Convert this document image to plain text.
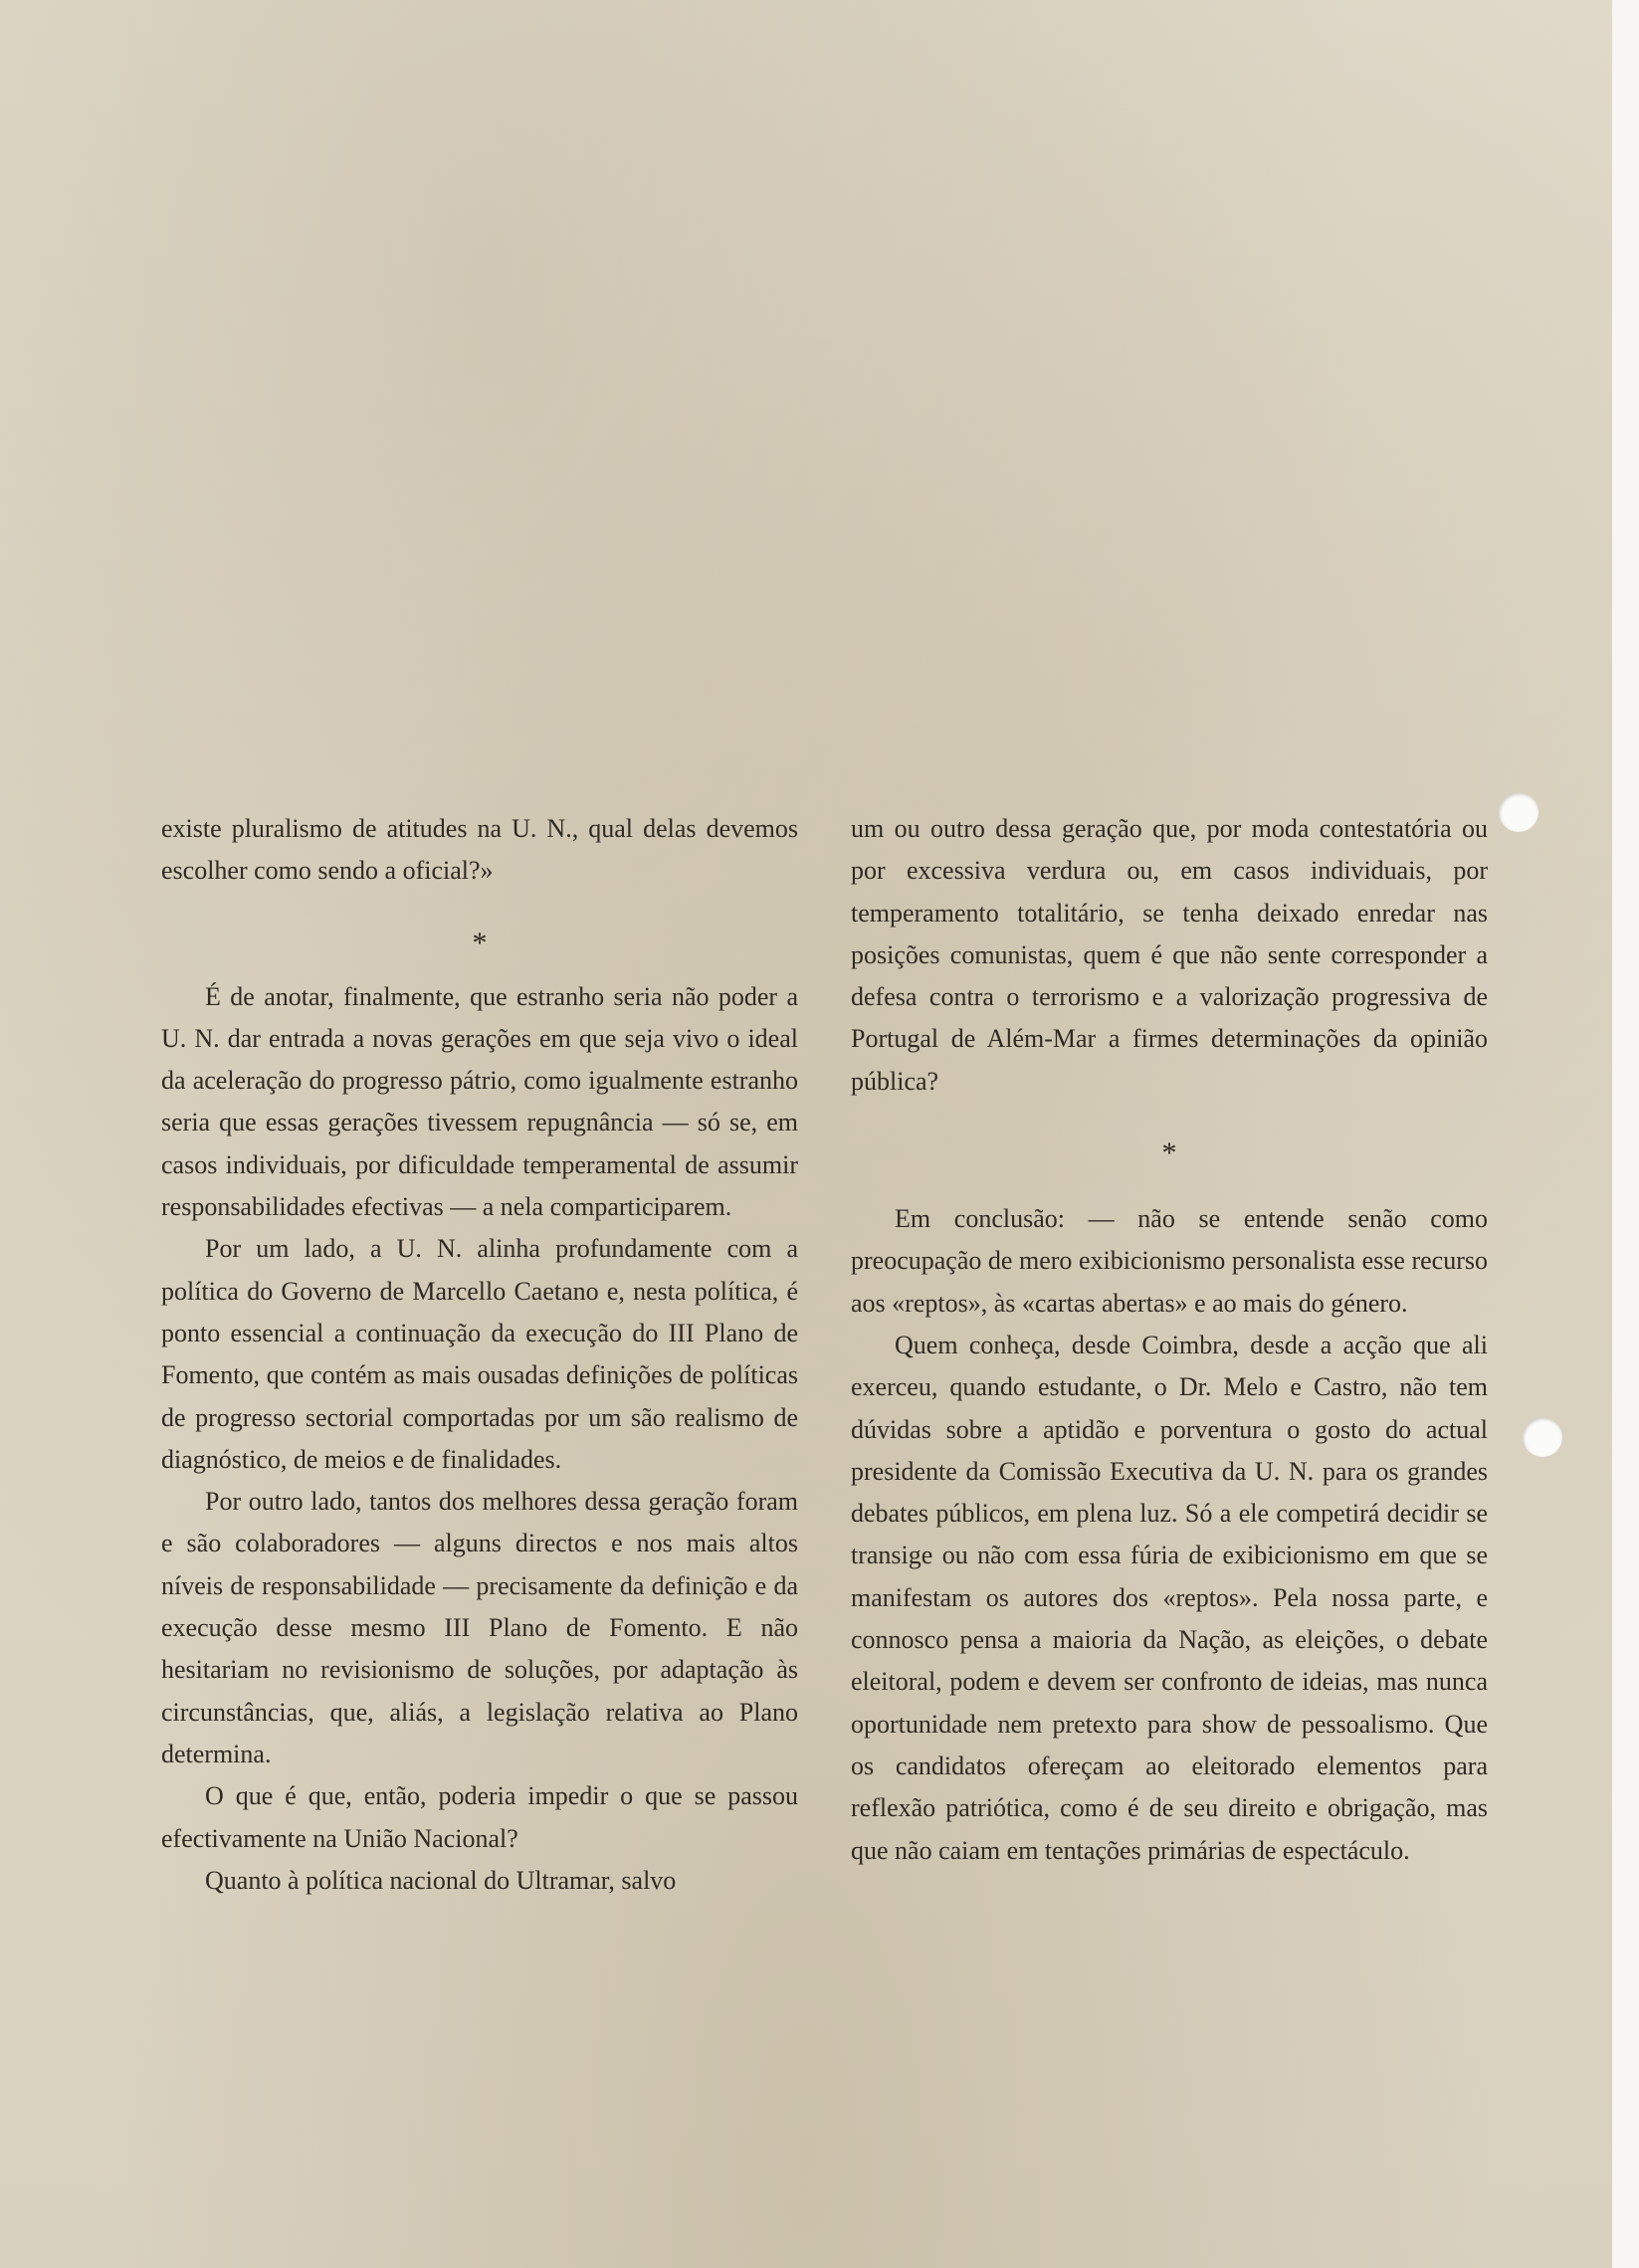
existe pluralismo de atitudes na U. N., qual delas devemos escolher como sendo a oficial?»

*

É de anotar, finalmente, que estranho seria não poder a U. N. dar entrada a novas gerações em que seja vivo o ideal da aceleração do progresso pátrio, como igualmente estranho seria que essas gerações tivessem repugnância — só se, em casos individuais, por dificuldade temperamental de assumir responsabilidades efectivas — a nela comparticiparem.

Por um lado, a U. N. alinha profundamente com a política do Governo de Marcello Caetano e, nesta política, é ponto essencial a continuação da execução do III Plano de Fomento, que contém as mais ousadas definições de políticas de progresso sectorial comportadas por um são realismo de diagnóstico, de meios e de finalidades.

Por outro lado, tantos dos melhores dessa geração foram e são colaboradores — alguns directos e nos mais altos níveis de responsabilidade — precisamente da definição e da execução desse mesmo III Plano de Fomento. E não hesitariam no revisionismo de soluções, por adaptação às circunstâncias, que, aliás, a legislação relativa ao Plano determina.

O que é que, então, poderia impedir o que se passou efectivamente na União Nacional?

Quanto à política nacional do Ultramar, salvo

um ou outro dessa geração que, por moda contestatória ou por excessiva verdura ou, em casos individuais, por temperamento totalitário, se tenha deixado enredar nas posições comunistas, quem é que não sente corresponder a defesa contra o terrorismo e a valorização progressiva de Portugal de Além-Mar a firmes determinações da opinião pública?

*

Em conclusão: — não se entende senão como preocupação de mero exibicionismo personalista esse recurso aos «reptos», às «cartas abertas» e ao mais do género.

Quem conheça, desde Coimbra, desde a acção que ali exerceu, quando estudante, o Dr. Melo e Castro, não tem dúvidas sobre a aptidão e porventura o gosto do actual presidente da Comissão Executiva da U. N. para os grandes debates públicos, em plena luz. Só a ele competirá decidir se transige ou não com essa fúria de exibicionismo em que se manifestam os autores dos «reptos». Pela nossa parte, e connosco pensa a maioria da Nação, as eleições, o debate eleitoral, podem e devem ser confronto de ideias, mas nunca oportunidade nem pretexto para show de pessoalismo. Que os candidatos ofereçam ao eleitorado elementos para reflexão patriótica, como é de seu direito e obrigação, mas que não caiam em tentações primárias de espectáculo.
